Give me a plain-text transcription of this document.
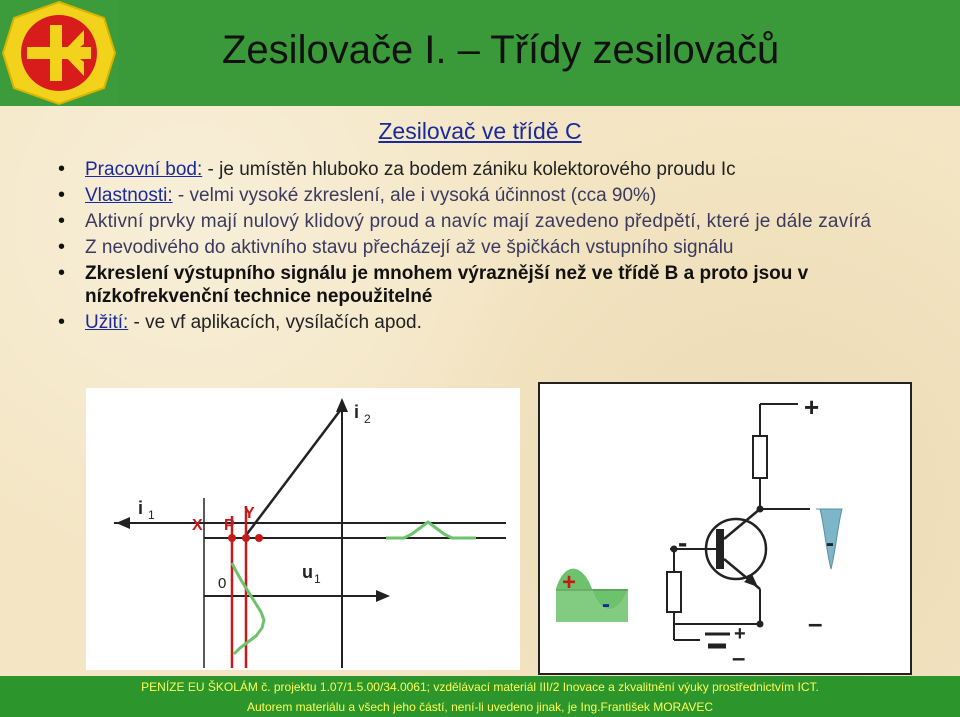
Zesilovače I. – Třídy zesilovačů
Zesilovač ve třídě C
• Pracovní bod: - je umístěn hluboko za bodem zániku kolektorového proudu Ic
• Vlastnosti: - velmi vysoké zkreslení, ale i vysoká účinnost (cca 90%)
• Aktivní prvky mají nulový klidový proud a navíc mají zavedeno předpětí, které je dále zavírá
• Z nevodivého do aktivního stavu přecházejí až ve špičkách vstupního signálu
• Zkreslení výstupního signálu je mnohem výraznější než ve třídě B a proto jsou v nízkofrekvenční technice nepoužitelné
• Užití: - ve vf aplikacích, vysílačích apod.
i 2
i 1
u 1
X P
Y
0
+
-	-
+
-
+
–
–
PENÍZE EU ŠKOLÁM č. projektu 1.07/1.5.00/34.0061; vzdělávací materiál III/2 Inovace a zkvalitnění výuky prostřednictvím ICT.
Autorem materiálu a všech jeho částí, není-li uvedeno jinak, je Ing.František MORAVEC
